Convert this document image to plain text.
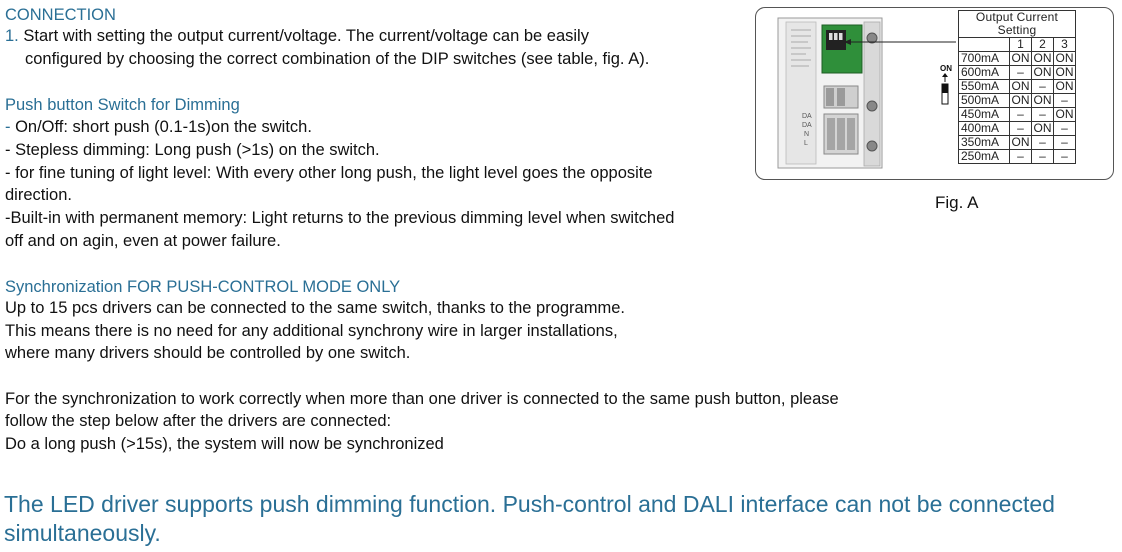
CONNECTION
1. Start with setting the output current/voltage. The current/voltage can be easily
configured by choosing the correct combination of the DIP switches (see table, fig. A).
Push button Switch for Dimming
- On/Off: short push (0.1-1s)on the switch.
- Stepless dimming: Long push (>1s) on the switch.
- for fine tuning of light level: With every other long push, the light level goes the opposite
direction.
-Built-in with permanent memory: Light returns to the previous dimming level when switched
off and on agin, even at power failure.
Synchronization FOR PUSH-CONTROL MODE ONLY
Up to 15 pcs drivers can be connected to the same switch, thanks to the programme.
This means there is no need for any additional synchrony wire in larger installations,
where many drivers should be controlled by one switch.
For the synchronization to work correctly when more than one driver is connected to the same push button, please
follow the step below after the drivers are connected:
Do a long push (>15s), the system will now be synchronized
The LED driver supports push dimming function. Push-control and DALI interface can not be connected simultaneously.
DA
DA
N
L
ON
Output Current Setting			
	1	2	3
700mA	ON	ON	ON
600mA	–	ON	ON
550mA	ON	–	ON
500mA	ON	ON	–
450mA	–	–	ON
400mA	–	ON	–
350mA	ON	–	–
250mA	–	–	–
Fig. A
